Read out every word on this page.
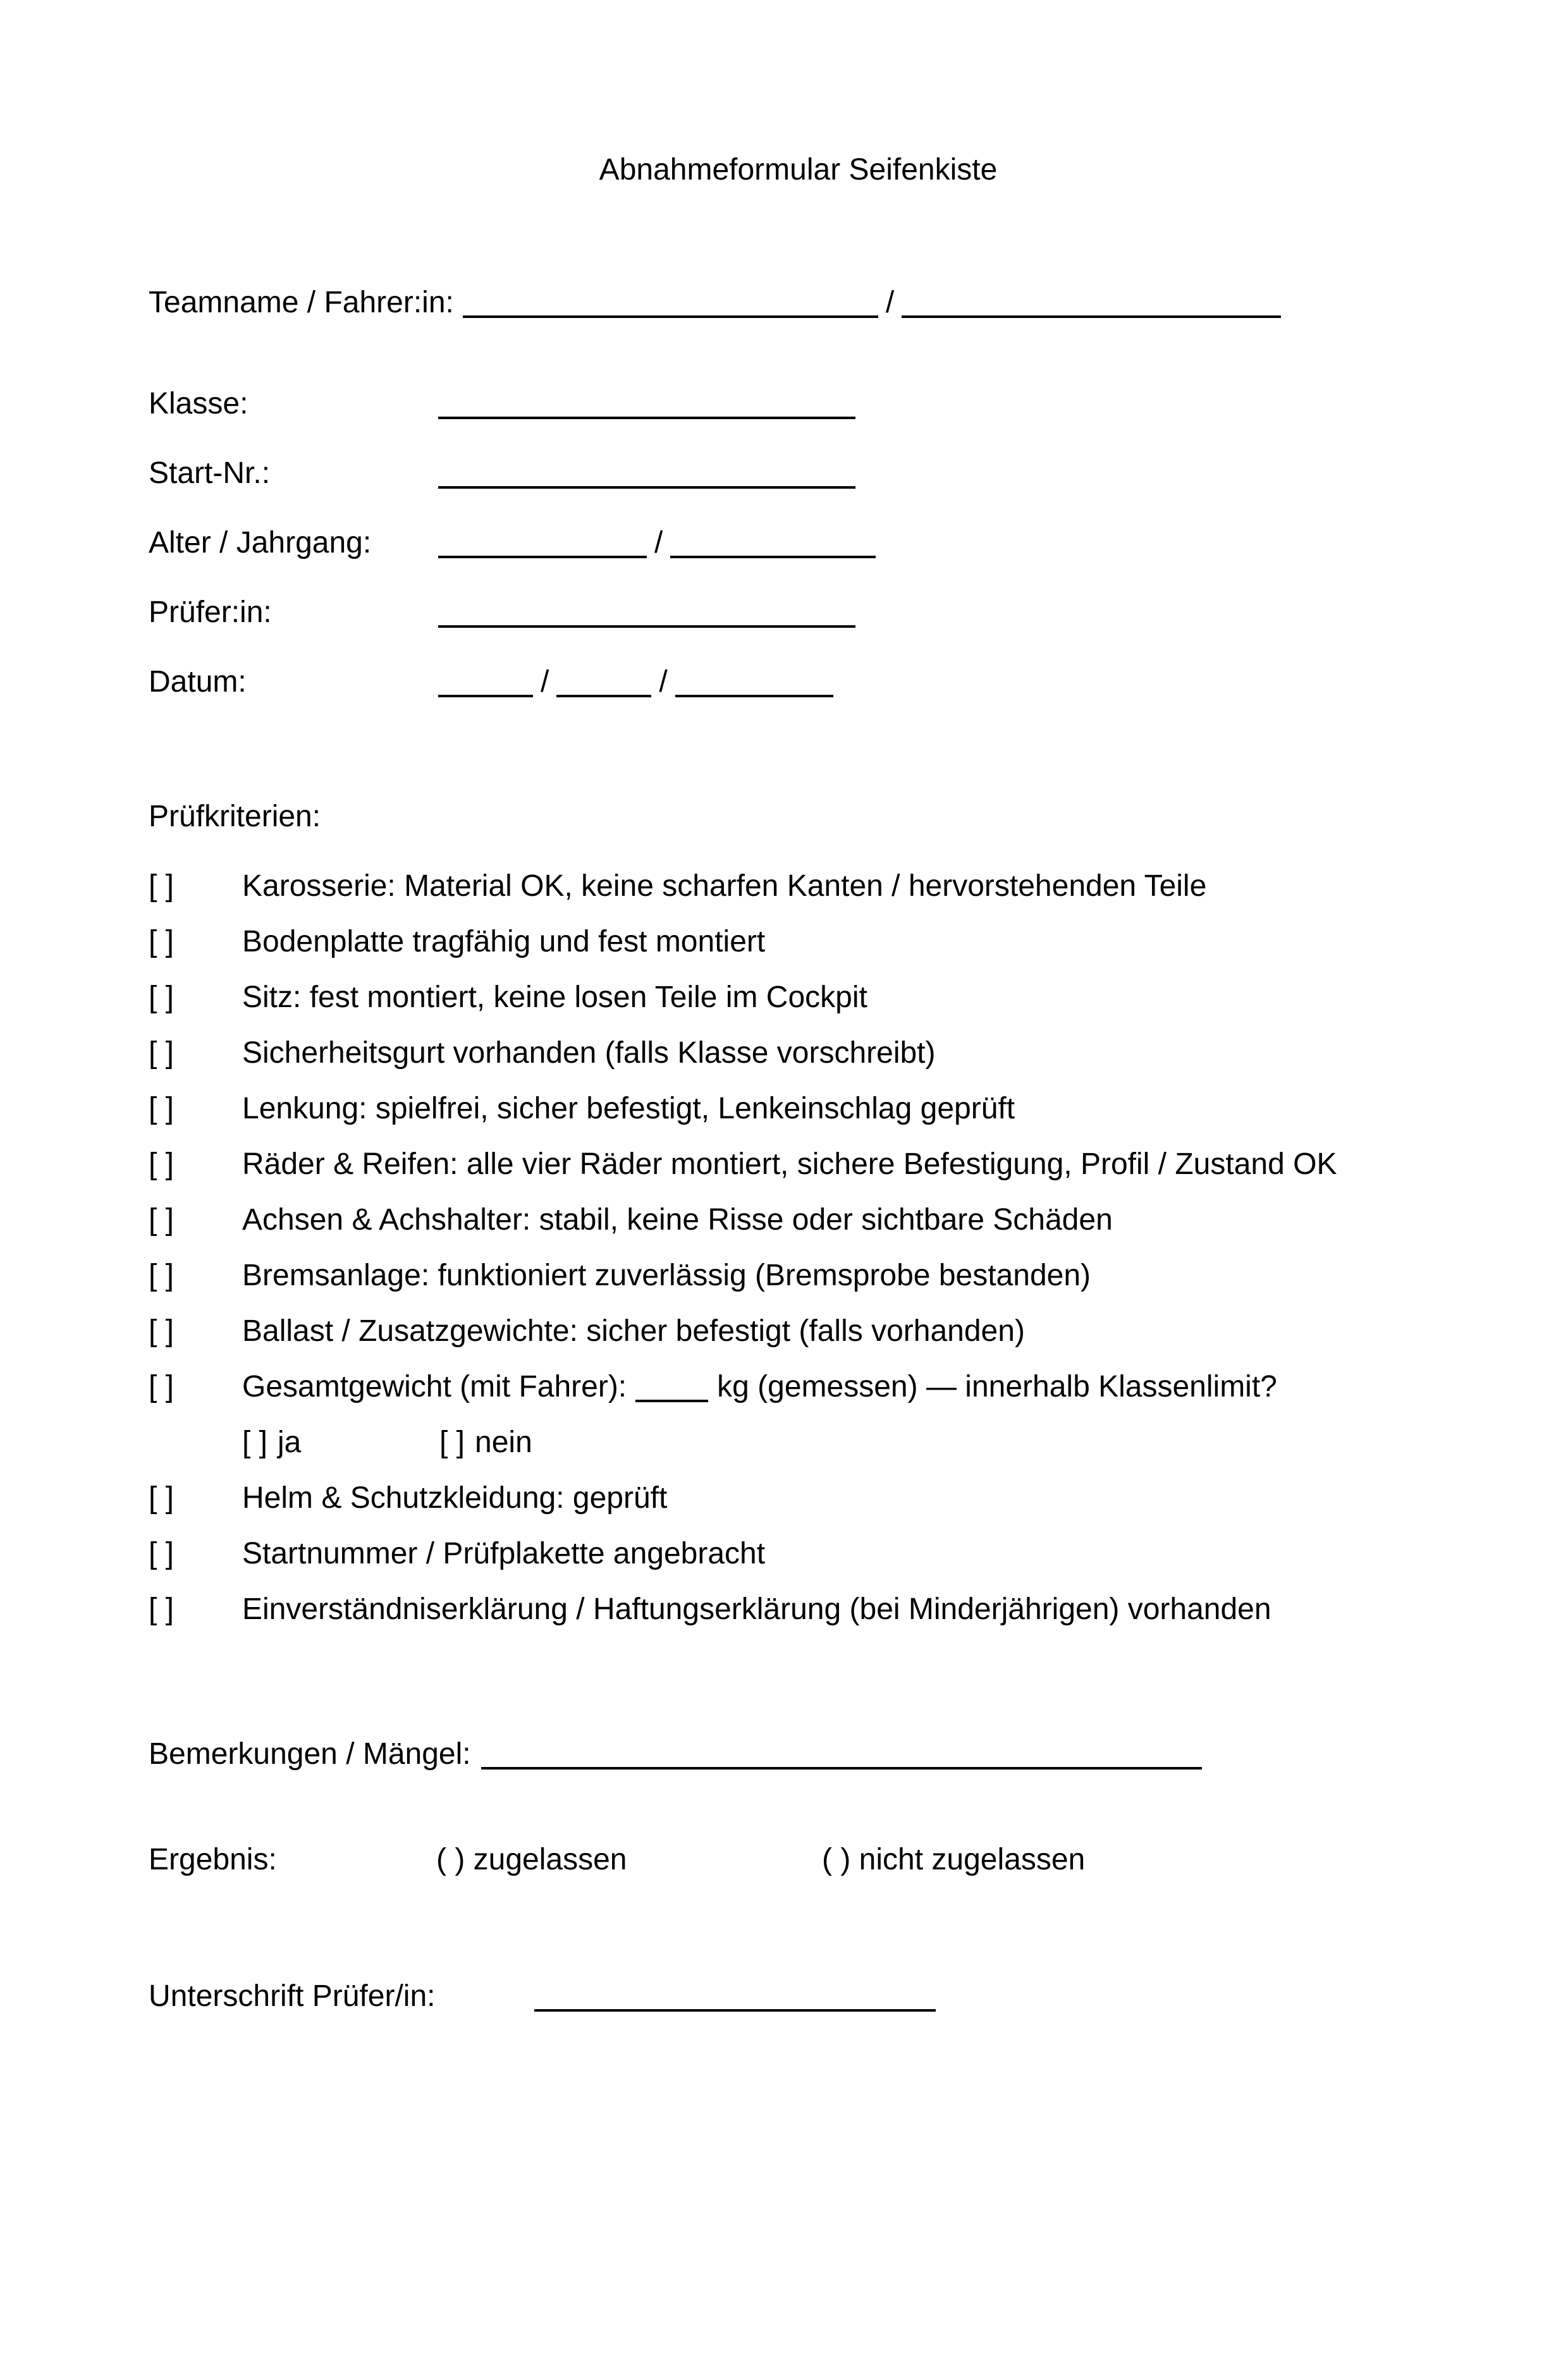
Abnahmeformular Seifenkiste
Teamname / Fahrer:in:	/
Klasse:
Start-Nr.:
Alter / Jahrgang:	/
Prüfer:in:
Datum:	/	/
Prüfkriterien:
[ ]	Karosserie: Material OK, keine scharfen Kanten / hervorstehenden Teile
[ ]	Bodenplatte tragfähig und fest montiert
[ ]	Sitz: fest montiert, keine losen Teile im Cockpit
[ ]	Sicherheitsgurt vorhanden (falls Klasse vorschreibt)
[ ]	Lenkung: spielfrei, sicher befestigt, Lenkeinschlag geprüft
[ ]	Räder & Reifen: alle vier Räder montiert, sichere Befestigung, Profil / Zustand OK
[ ]	Achsen & Achshalter: stabil, keine Risse oder sichtbare Schäden
[ ]	Bremsanlage: funktioniert zuverlässig (Bremsprobe bestanden)
[ ]	Ballast / Zusatzgewichte: sicher befestigt (falls vorhanden)
[ ]	Gesamtgewicht (mit Fahrer):	kg (gemessen) — innerhalb Klassenlimit?
[ ] ja	[ ] nein
[ ]	Helm & Schutzkleidung: geprüft
[ ]	Startnummer / Prüfplakette angebracht
[ ]	Einverständniserklärung / Haftungserklärung (bei Minderjährigen) vorhanden
Bemerkungen / Mängel:
Ergebnis:	( ) zugelassen	( ) nicht zugelassen
Unterschrift Prüfer/in:
